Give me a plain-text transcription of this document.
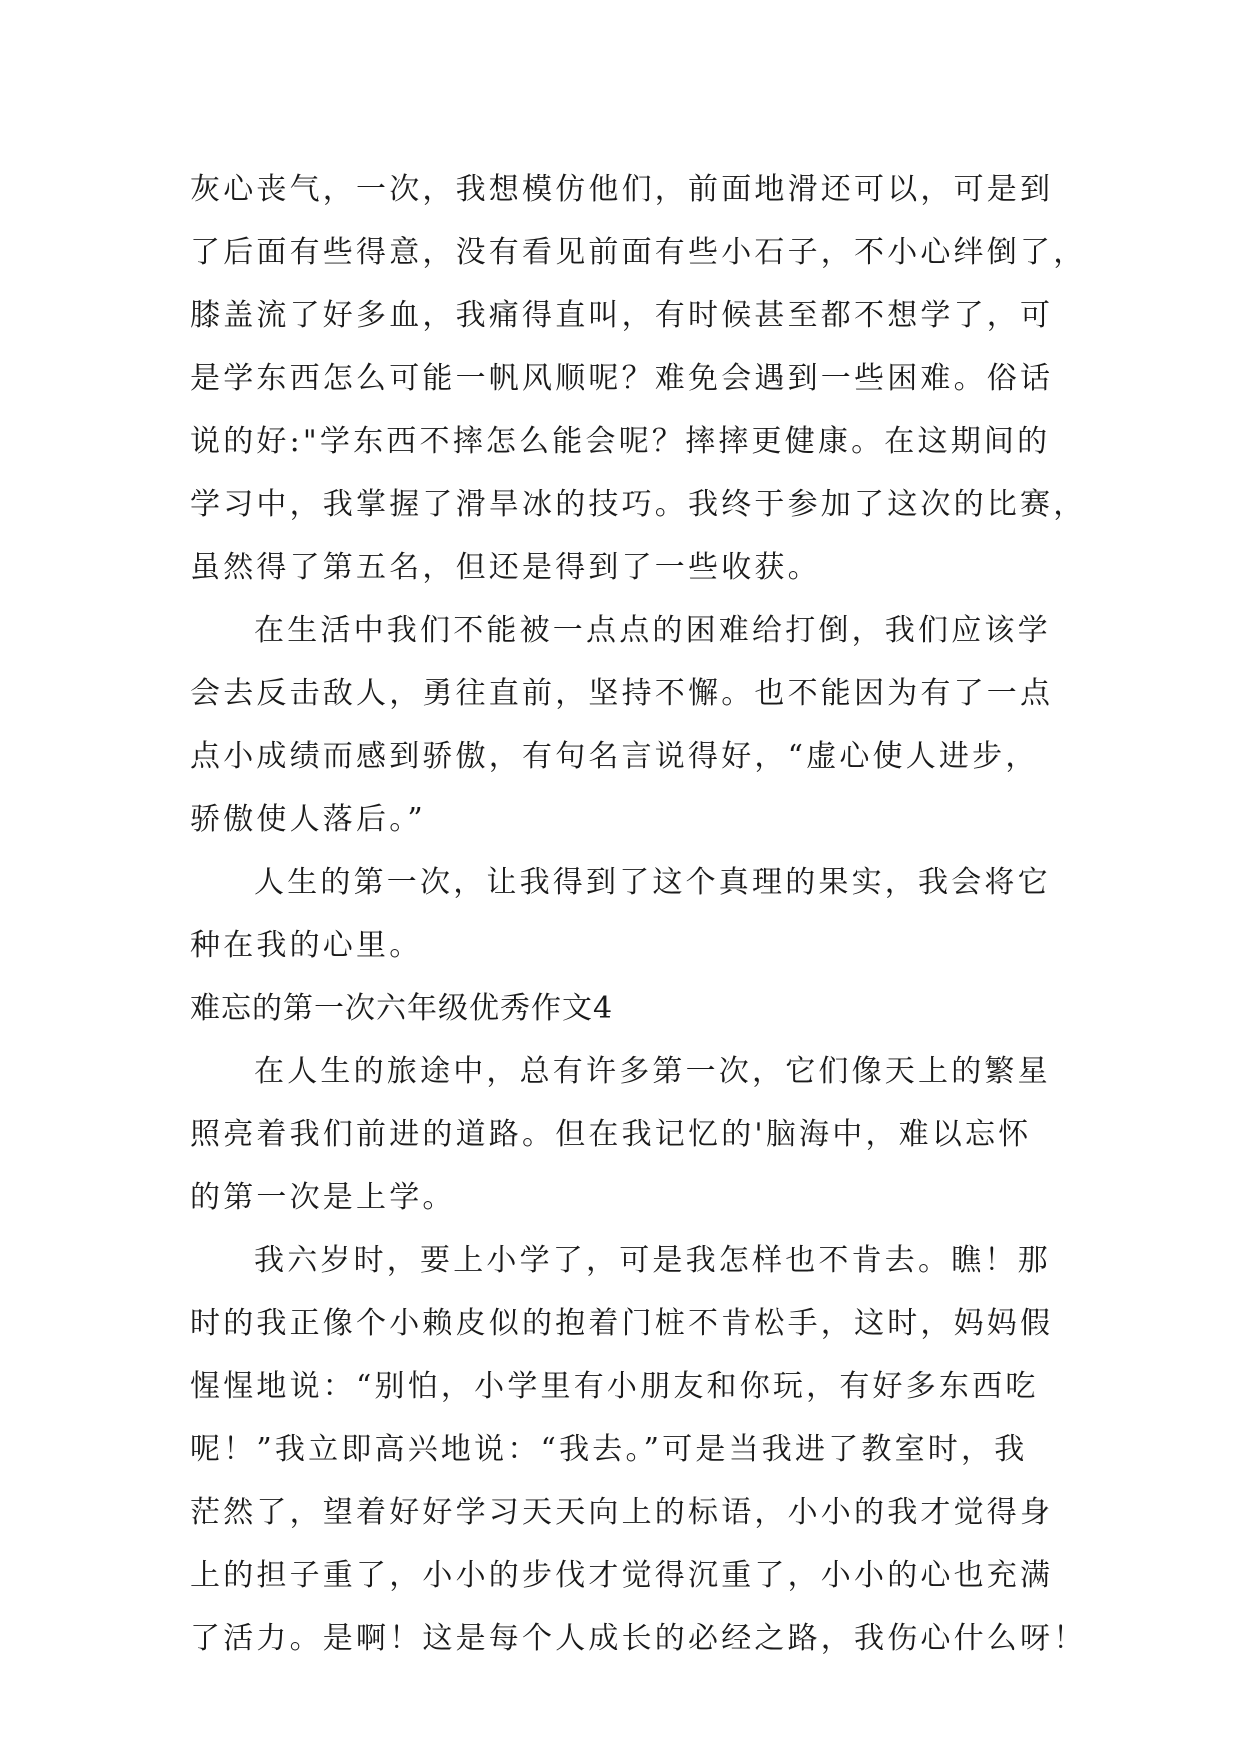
灰心丧气，一次，我想模仿他们，前面地滑还可以，可是到
了后面有些得意，没有看见前面有些小石子，不小心绊倒了，
膝盖流了好多血，我痛得直叫，有时候甚至都不想学了，可
是学东西怎么可能一帆风顺呢？难免会遇到一些困难。俗话
说的好:"学东西不摔怎么能会呢？摔摔更健康。在这期间的
学习中，我掌握了滑旱冰的技巧。我终于参加了这次的比赛，
虽然得了第五名，但还是得到了一些收获。
在生活中我们不能被一点点的困难给打倒，我们应该学
会去反击敌人，勇往直前，坚持不懈。也不能因为有了一点
点小成绩而感到骄傲，有句名言说得好，“虚心使人进步，
骄傲使人落后。”
人生的第一次，让我得到了这个真理的果实，我会将它
种在我的心里。
难忘的第一次六年级优秀作文4
在人生的旅途中，总有许多第一次，它们像天上的繁星
照亮着我们前进的道路。但在我记忆的'脑海中，难以忘怀
的第一次是上学。
我六岁时，要上小学了，可是我怎样也不肯去。瞧！那
时的我正像个小赖皮似的抱着门桩不肯松手，这时，妈妈假
惺惺地说：“别怕，小学里有小朋友和你玩，有好多东西吃
呢！”我立即高兴地说：“我去。”可是当我进了教室时，我
茫然了，望着好好学习天天向上的标语，小小的我才觉得身
上的担子重了，小小的步伐才觉得沉重了，小小的心也充满
了活力。是啊！这是每个人成长的必经之路，我伤心什么呀！
